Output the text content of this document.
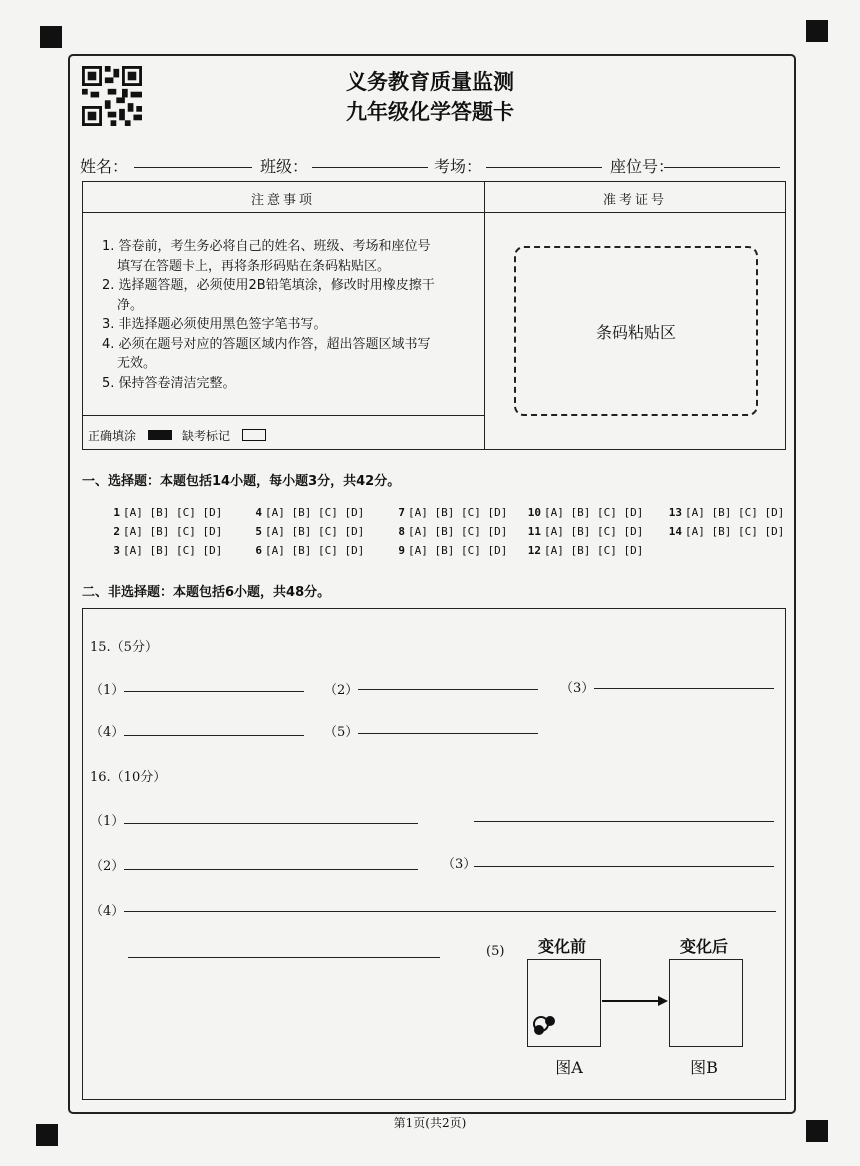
义务教育质量监测
九年级化学答题卡
姓名：	班级：	考场：	座位号：
注意事项	准考证号

1. 答卷前，考生务必将自己的姓名、班级、考场和座位号

填写在答题卡上，再将条形码贴在条码粘贴区。

2. 选择题答题，必须使用2B铅笔填涂，修改时用橡皮擦干

净。

3. 非选择题必须使用黑色签字笔书写。

4. 必须在题号对应的答题区域内作答，超出答题区域书写

无效。

5. 保持答卷清洁完整。

正确填涂	缺考标记
条码粘贴区
一、选择题：本题包括14小题，每小题3分，共42分。
1 [A] [B] [C] [D]
2 [A] [B] [C] [D]
3 [A] [B] [C] [D]
4 [A] [B] [C] [D]
5 [A] [B] [C] [D]
6 [A] [B] [C] [D]
7 [A] [B] [C] [D]
8 [A] [B] [C] [D]
9 [A] [B] [C] [D]
10 [A] [B] [C] [D]
11 [A] [B] [C] [D]
12 [A] [B] [C] [D]
13 [A] [B] [C] [D]
14 [A] [B] [C] [D]
二、非选择题：本题包括6小题，共48分。
15.（5分）
（1）	（2）	（3）
（4）	（5）
16.（10分）
（1）
（2）	（3）
（4）
(5)	变化前	变化后
图A	图B
第1页(共2页)
